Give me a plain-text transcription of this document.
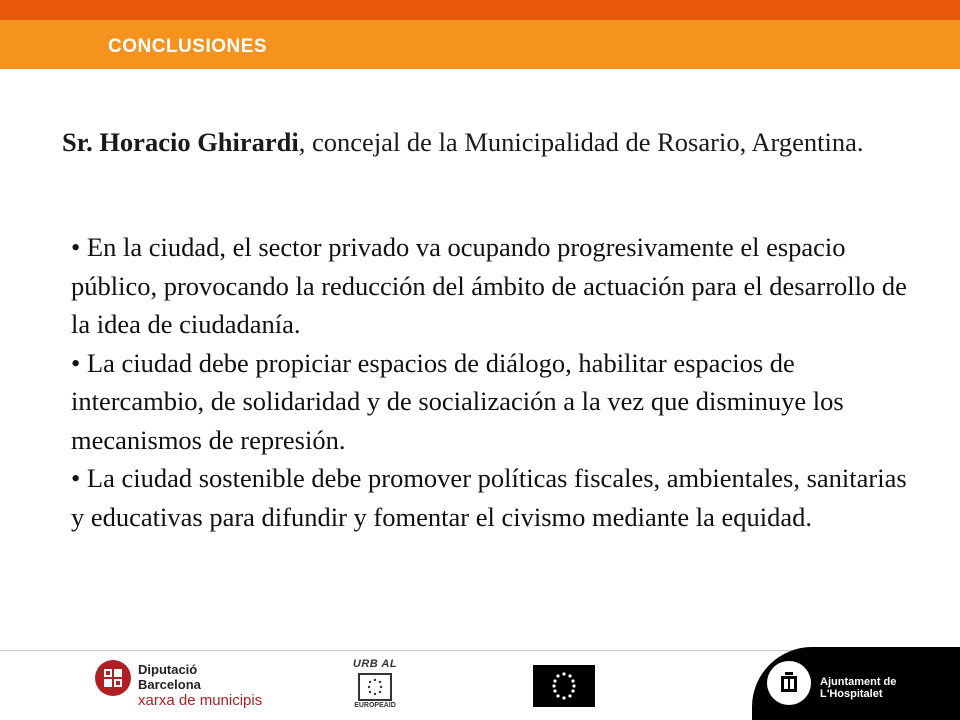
CONCLUSIONES
Sr. Horacio Ghirardi, concejal de la Municipalidad de Rosario, Argentina.

• En la ciudad, el sector privado va ocupando progresivamente el espacio público, provocando la reducción del ámbito de actuación para el desarrollo de la idea de ciudadanía.

• La ciudad debe propiciar espacios de diálogo, habilitar espacios de intercambio, de solidaridad y de socialización a la vez que disminuye los mecanismos de represión.

• La ciudad sostenible debe promover políticas fiscales, ambientales, sanitarias y educativas para difundir y fomentar el civismo mediante la equidad.

Diputació
Barcelona
xarxa de municipis
URB AL
EUROPEAID
Ajuntament de L'Hospitalet
